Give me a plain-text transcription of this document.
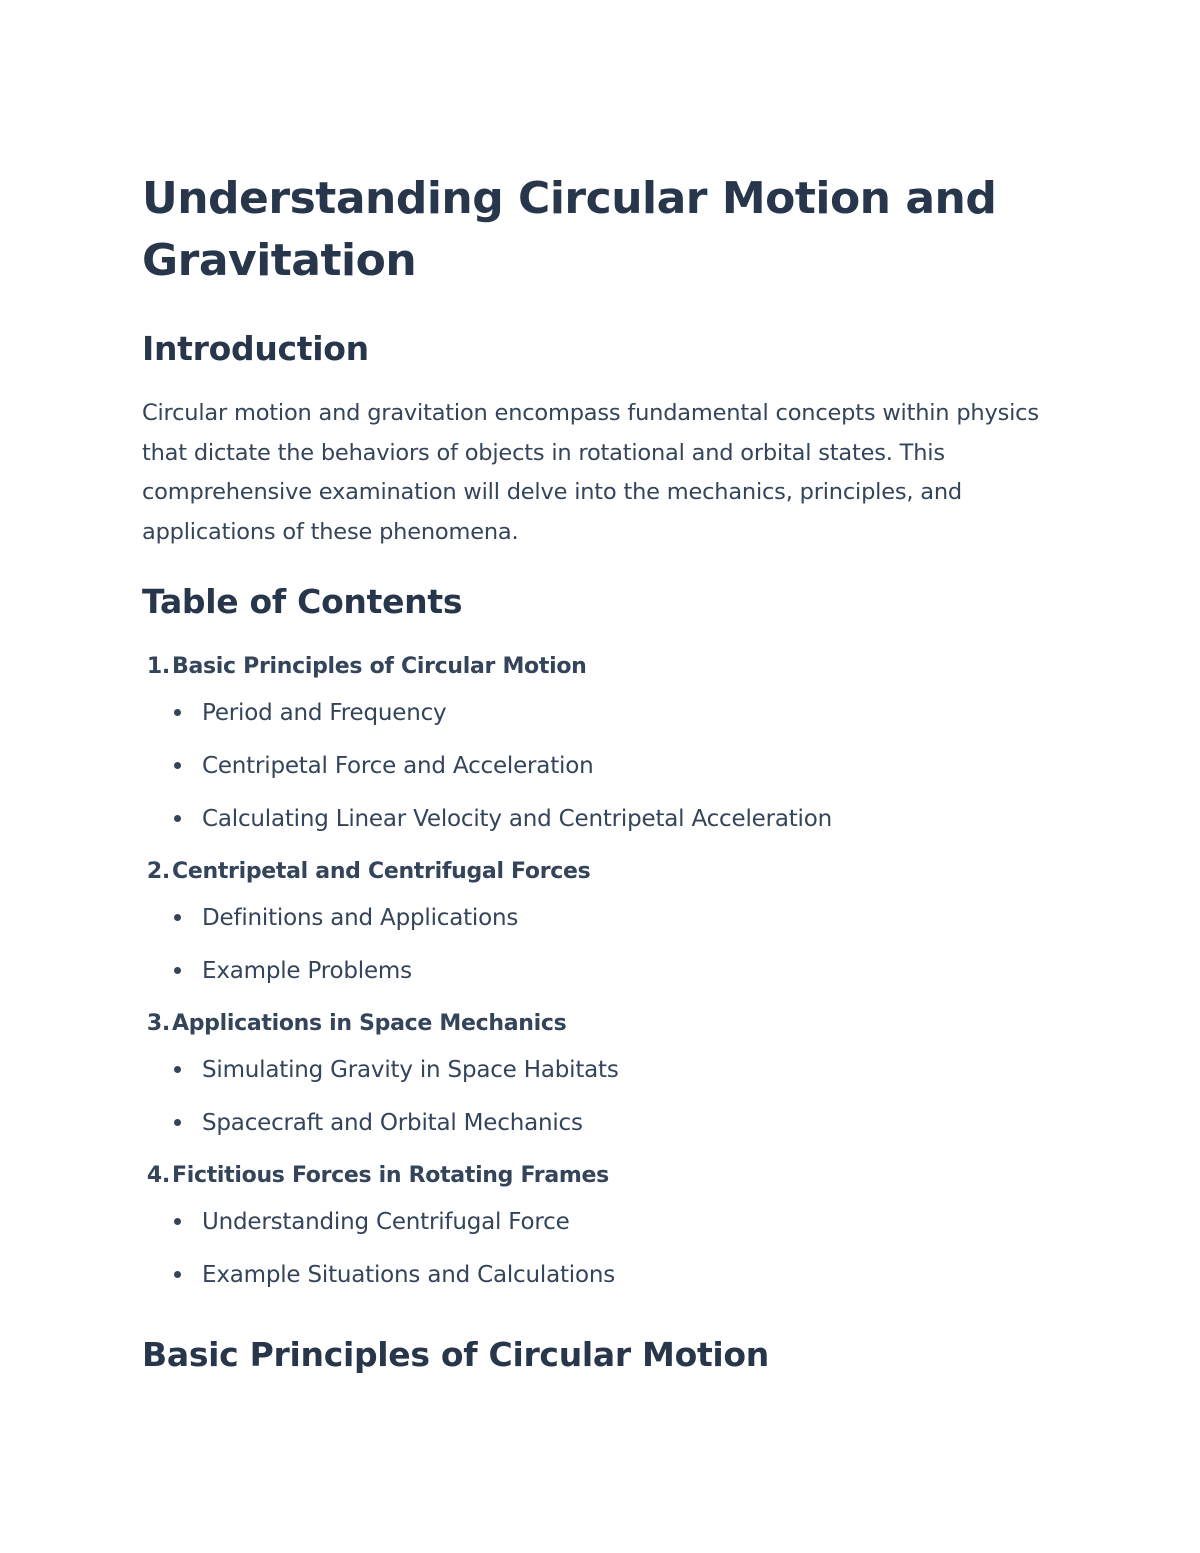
Understanding Circular Motion and Gravitation
Introduction

Circular motion and gravitation encompass fundamental concepts within physics that dictate the behaviors of objects in rotational and orbital states. This comprehensive examination will delve into the mechanics, principles, and applications of these phenomena.

Table of Contents
1. Basic Principles of Circular Motion
Period and Frequency
Centripetal Force and Acceleration
Calculating Linear Velocity and Centripetal Acceleration
2. Centripetal and Centrifugal Forces
Definitions and Applications
Example Problems
3. Applications in Space Mechanics
Simulating Gravity in Space Habitats
Spacecraft and Orbital Mechanics
4. Fictitious Forces in Rotating Frames
Understanding Centrifugal Force
Example Situations and Calculations
Basic Principles of Circular Motion
